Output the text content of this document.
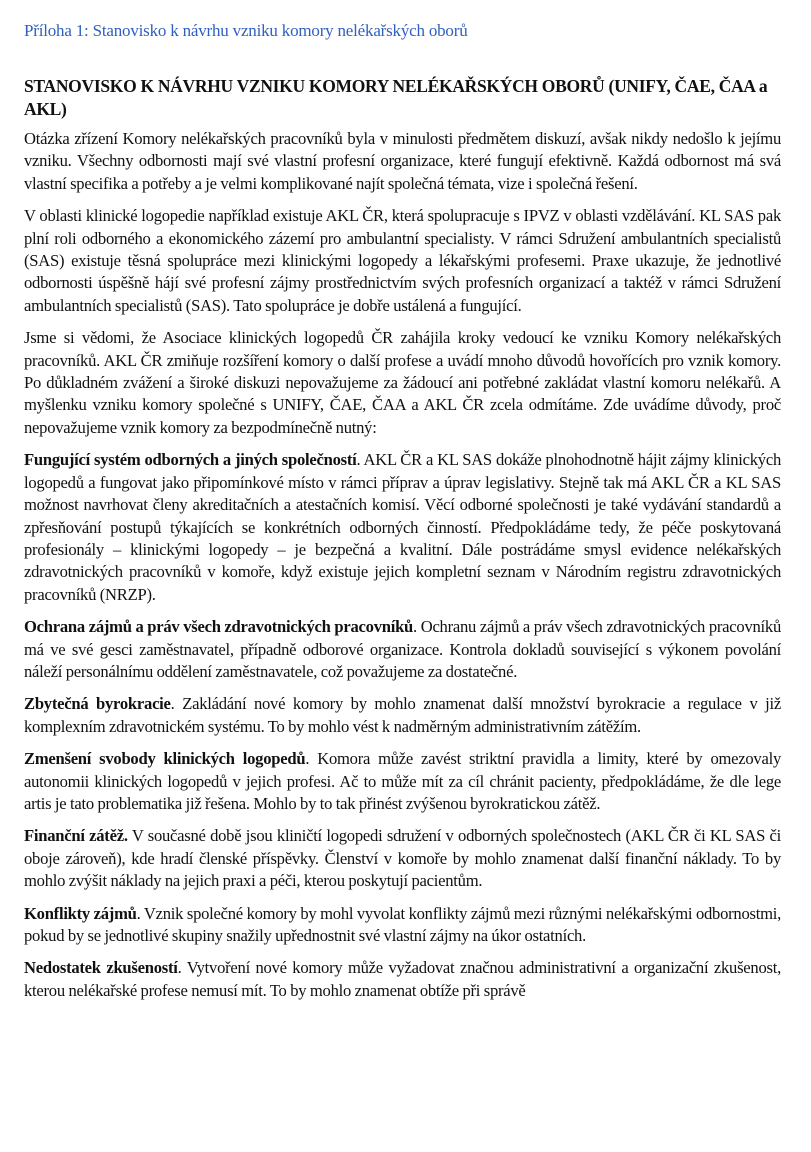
Příloha 1: Stanovisko k návrhu vzniku komory nelékařských oborů

STANOVISKO K NÁVRHU VZNIKU KOMORY NELÉKAŘSKÝCH OBORŮ (UNIFY, ČAE, ČAA a AKL)

Otázka zřízení Komory nelékařských pracovníků byla v minulosti předmětem diskuzí, avšak nikdy nedošlo k jejímu vzniku. Všechny odbornosti mají své vlastní profesní organizace, které fungují efektivně. Každá odbornost má svá vlastní specifika a potřeby a je velmi komplikované najít společná témata, vize i společná řešení.

V oblasti klinické logopedie například existuje AKL ČR, která spolupracuje s IPVZ v oblasti vzdělávání. KL SAS pak plní roli odborného a ekonomického zázemí pro ambulantní specialisty. V rámci Sdružení ambulantních specialistů (SAS) existuje těsná spolupráce mezi klinickými logopedy a lékařskými profesemi. Praxe ukazuje, že jednotlivé odbornosti úspěšně hájí své profesní zájmy prostřednictvím svých profesních organizací a taktéž v rámci Sdružení ambulantních specialistů (SAS). Tato spolupráce je dobře ustálená a fungující.

Jsme si vědomi, že Asociace klinických logopedů ČR zahájila kroky vedoucí ke vzniku Komory nelékařských pracovníků. AKL ČR zmiňuje rozšíření komory o další profese a uvádí mnoho důvodů hovořících pro vznik komory. Po důkladném zvážení a široké diskuzi nepovažujeme za žádoucí ani potřebné zakládat vlastní komoru nelékařů. A myšlenku vzniku komory společné s UNIFY, ČAE, ČAA a AKL ČR zcela odmítáme. Zde uvádíme důvody, proč nepovažujeme vznik komory za bezpodmínečně nutný:

Fungující systém odborných a jiných společností. AKL ČR a KL SAS dokáže plnohodnotně hájit zájmy klinických logopedů a fungovat jako připomínkové místo v rámci příprav a úprav legislativy. Stejně tak má AKL ČR a KL SAS možnost navrhovat členy akreditačních a atestačních komisí. Věcí odborné společnosti je také vydávání standardů a zpřesňování postupů týkajících se konkrétních odborných činností. Předpokládáme tedy, že péče poskytovaná profesionály – klinickými logopedy – je bezpečná a kvalitní. Dále postrádáme smysl evidence nelékařských zdravotnických pracovníků v komoře, když existuje jejich kompletní seznam v Národním registru zdravotnických pracovníků (NRZP).

Ochrana zájmů a práv všech zdravotnických pracovníků. Ochranu zájmů a práv všech zdravotnických pracovníků má ve své gesci zaměstnavatel, případně odborové organizace. Kontrola dokladů související s výkonem povolání náleží personálnímu oddělení zaměstnavatele, což považujeme za dostatečné.

Zbytečná byrokracie. Zakládání nové komory by mohlo znamenat další množství byrokracie a regulace v již komplexním zdravotnickém systému. To by mohlo vést k nadměrným administrativním zátěžím.

Zmenšení svobody klinických logopedů. Komora může zavést striktní pravidla a limity, které by omezovaly autonomii klinických logopedů v jejich profesi. Ač to může mít za cíl chránit pacienty, předpokládáme, že dle lege artis je tato problematika již řešena. Mohlo by to tak přinést zvýšenou byrokratickou zátěž.

Finanční zátěž. V současné době jsou kliničtí logopedi sdružení v odborných společnostech (AKL ČR či KL SAS či oboje zároveň), kde hradí členské příspěvky. Členství v komoře by mohlo znamenat další finanční náklady. To by mohlo zvýšit náklady na jejich praxi a péči, kterou poskytují pacientům.

Konflikty zájmů. Vznik společné komory by mohl vyvolat konflikty zájmů mezi různými nelékařskými odbornostmi, pokud by se jednotlivé skupiny snažily upřednostnit své vlastní zájmy na úkor ostatních.

Nedostatek zkušeností. Vytvoření nové komory může vyžadovat značnou administrativní a organizační zkušenost, kterou nelékařské profese nemusí mít. To by mohlo znamenat obtíže při správě
